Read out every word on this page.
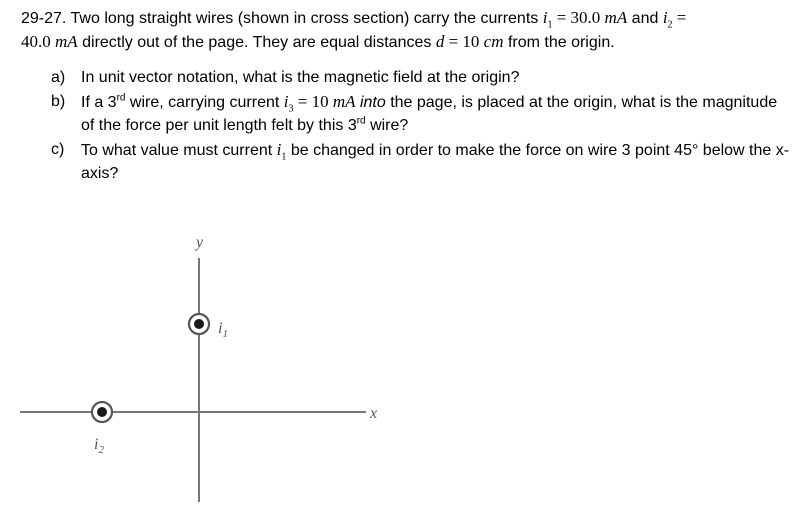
29-27. Two long straight wires (shown in cross section) carry the currents $i_1 = 30.0$ mA and $i_2$ =
40.0 mA directly out of the page. They are equal distances d = 10 cm from the origin.
a) In unit vector notation, what is the magnetic field at the origin?
b) If a 3rd wire, carrying current $i_3 = 10$ mA into the page, is placed at the origin, what is the magnitude of the force per unit length felt by this 3rd wire?
c) To what value must current $i_1$ be changed in order to make the force on wire 3 point 45° below the x-axis?
y
x
$i_1$
$i_2$
